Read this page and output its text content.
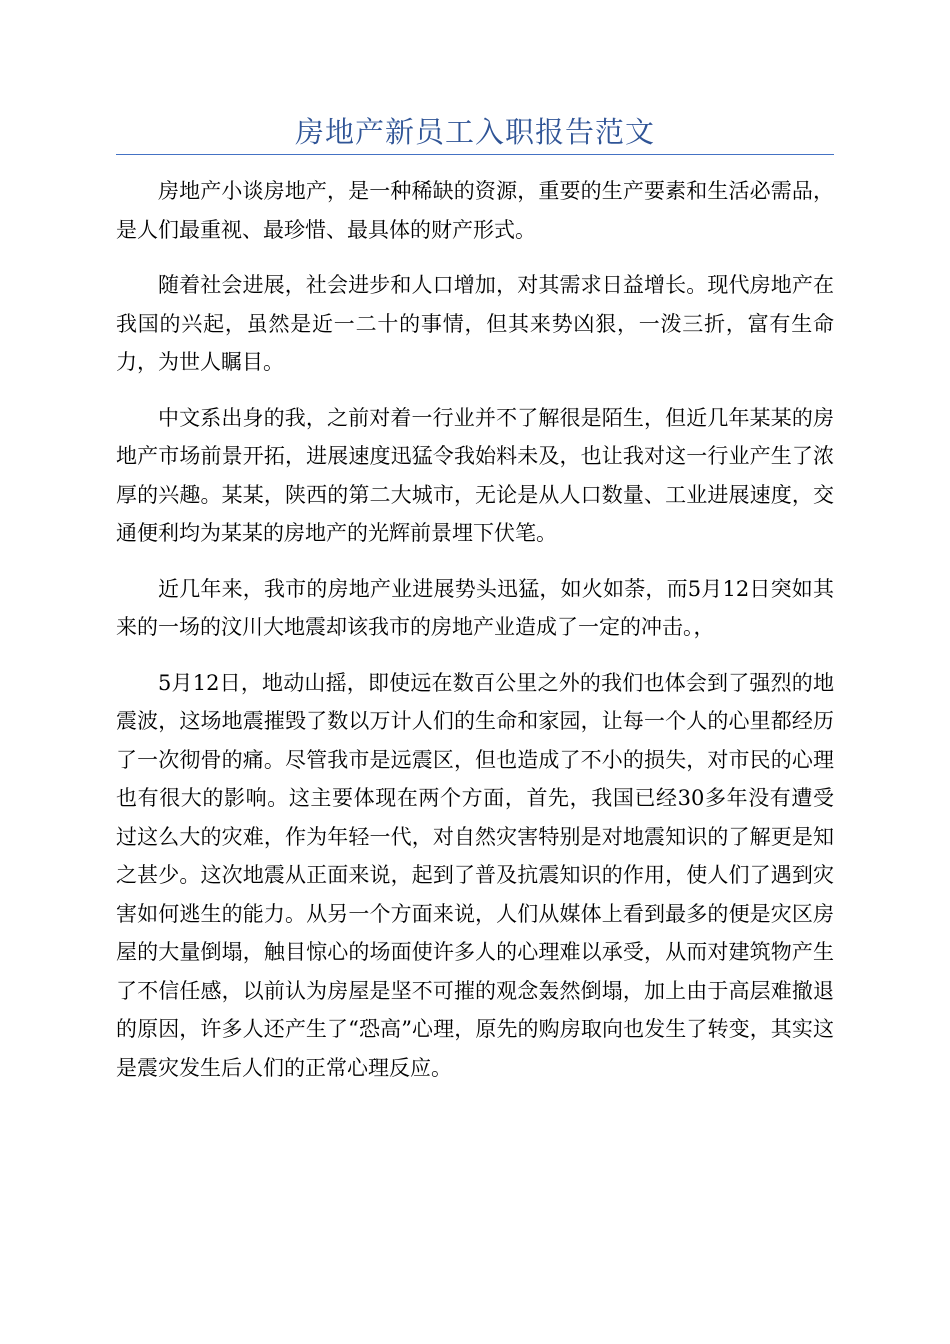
房地产新员工入职报告范文

房地产小谈房地产，是一种稀缺的资源，重要的生产要素和生活必需品，是人们最重视、最珍惜、最具体的财产形式。

随着社会进展，社会进步和人口增加，对其需求日益增长。现代房地产在我国的兴起，虽然是近一二十的事情，但其来势凶狠，一泼三折，富有生命力，为世人瞩目。

中文系出身的我，之前对着一行业并不了解很是陌生，但近几年某某的房地产市场前景开拓，进展速度迅猛令我始料未及，也让我对这一行业产生了浓厚的兴趣。某某，陕西的第二大城市，无论是从人口数量、工业进展速度，交通便利均为某某的房地产的光辉前景埋下伏笔。

近几年来，我市的房地产业进展势头迅猛，如火如荼，而5月12日突如其来的一场的汶川大地震却该我市的房地产业造成了一定的冲击。，

5月12日，地动山摇，即使远在数百公里之外的我们也体会到了强烈的地震波，这场地震摧毁了数以万计人们的生命和家园，让每一个人的心里都经历了一次彻骨的痛。尽管我市是远震区，但也造成了不小的损失，对市民的心理也有很大的影响。这主要体现在两个方面，首先，我国已经30多年没有遭受过这么大的灾难，作为年轻一代，对自然灾害特别是对地震知识的了解更是知之甚少。这次地震从正面来说，起到了普及抗震知识的作用，使人们了遇到灾害如何逃生的能力。从另一个方面来说，人们从媒体上看到最多的便是灾区房屋的大量倒塌，触目惊心的场面使许多人的心理难以承受，从而对建筑物产生了不信任感，以前认为房屋是坚不可摧的观念轰然倒塌，加上由于高层难撤退的原因，许多人还产生了“恐高”心理，原先的购房取向也发生了转变，其实这是震灾发生后人们的正常心理反应。
